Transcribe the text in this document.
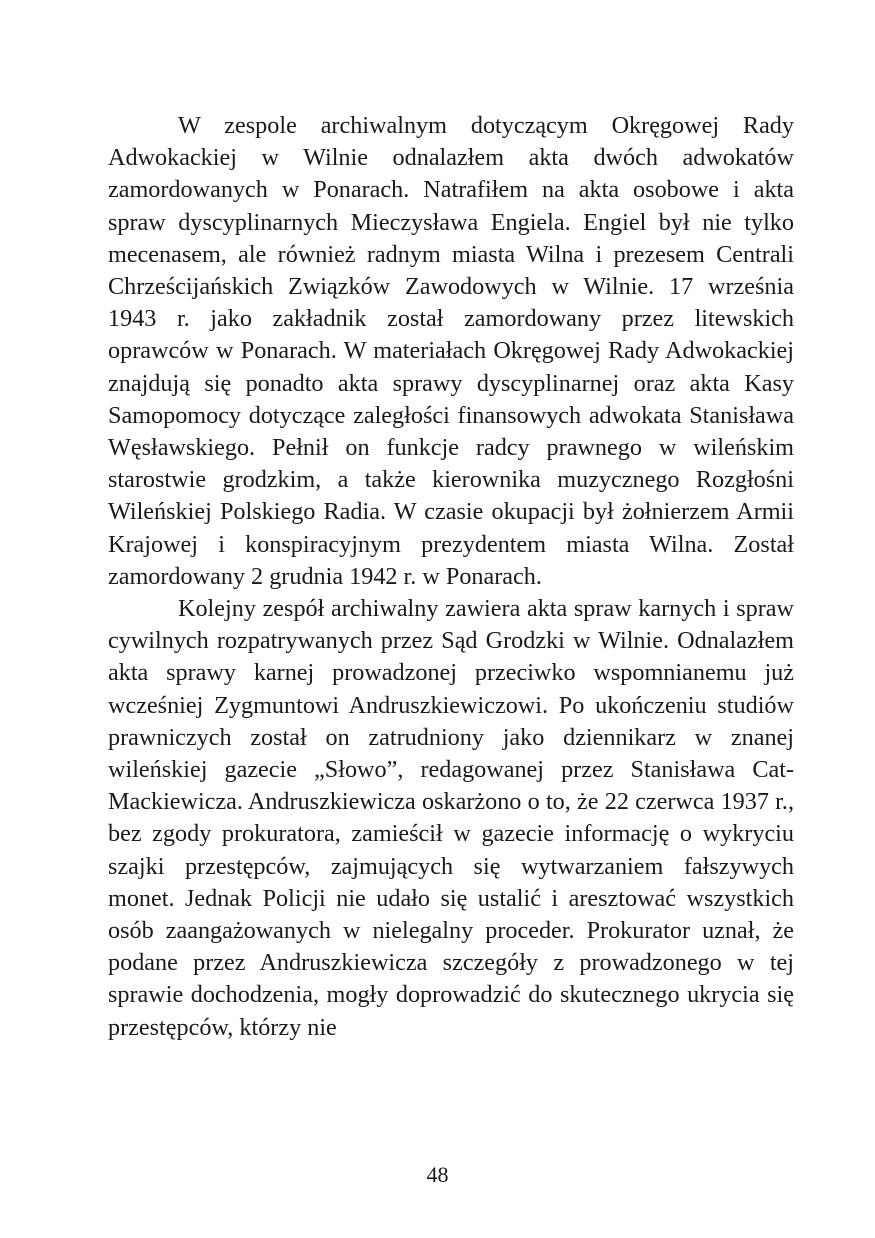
W zespole archiwalnym dotyczącym Okręgowej Rady Adwokackiej w Wilnie odnalazłem akta dwóch adwokatów zamordowanych w Ponarach. Natrafiłem na akta osobowe i akta spraw dyscyplinarnych Mieczysława Engiela. Engiel był nie tylko mecenasem, ale również radnym miasta Wilna i prezesem Centrali Chrześcijańskich Związków Zawodowych w Wilnie. 17 września 1943 r. jako zakładnik został zamordowany przez litewskich oprawców w Ponarach. W materiałach Okręgowej Rady Adwokackiej znajdują się ponadto akta sprawy dyscyplinarnej oraz akta Kasy Samopomocy dotyczące zaległości finansowych adwokata Stanisława Węsławskiego. Pełnił on funkcje radcy prawnego w wileńskim starostwie grodzkim, a także kierownika muzycznego Rozgłośni Wileńskiej Polskiego Radia. W czasie okupacji był żołnierzem Armii Krajowej i konspiracyjnym prezydentem miasta Wilna. Został zamordowany 2 grudnia 1942 r. w Ponarach.

Kolejny zespół archiwalny zawiera akta spraw karnych i spraw cywilnych rozpatrywanych przez Sąd Grodzki w Wilnie. Odnalazłem akta sprawy karnej prowadzonej przeciwko wspomnianemu już wcześniej Zygmuntowi Andruszkiewiczowi. Po ukończeniu studiów prawniczych został on zatrudniony jako dziennikarz w znanej wileńskiej gazecie „Słowo”, redagowanej przez Stanisława Cat-Mackiewicza. Andruszkiewicza oskarżono o to, że 22 czerwca 1937 r., bez zgody prokuratora, zamieścił w gazecie informację o wykryciu szajki przestępców, zajmujących się wytwarzaniem fałszywych monet. Jednak Policji nie udało się ustalić i aresztować wszystkich osób zaangażowanych w nielegalny proceder. Prokurator uznał, że podane przez Andruszkiewicza szczegóły z prowadzonego w tej sprawie dochodzenia, mogły doprowadzić do skutecznego ukrycia się przestępców, którzy nie

48
